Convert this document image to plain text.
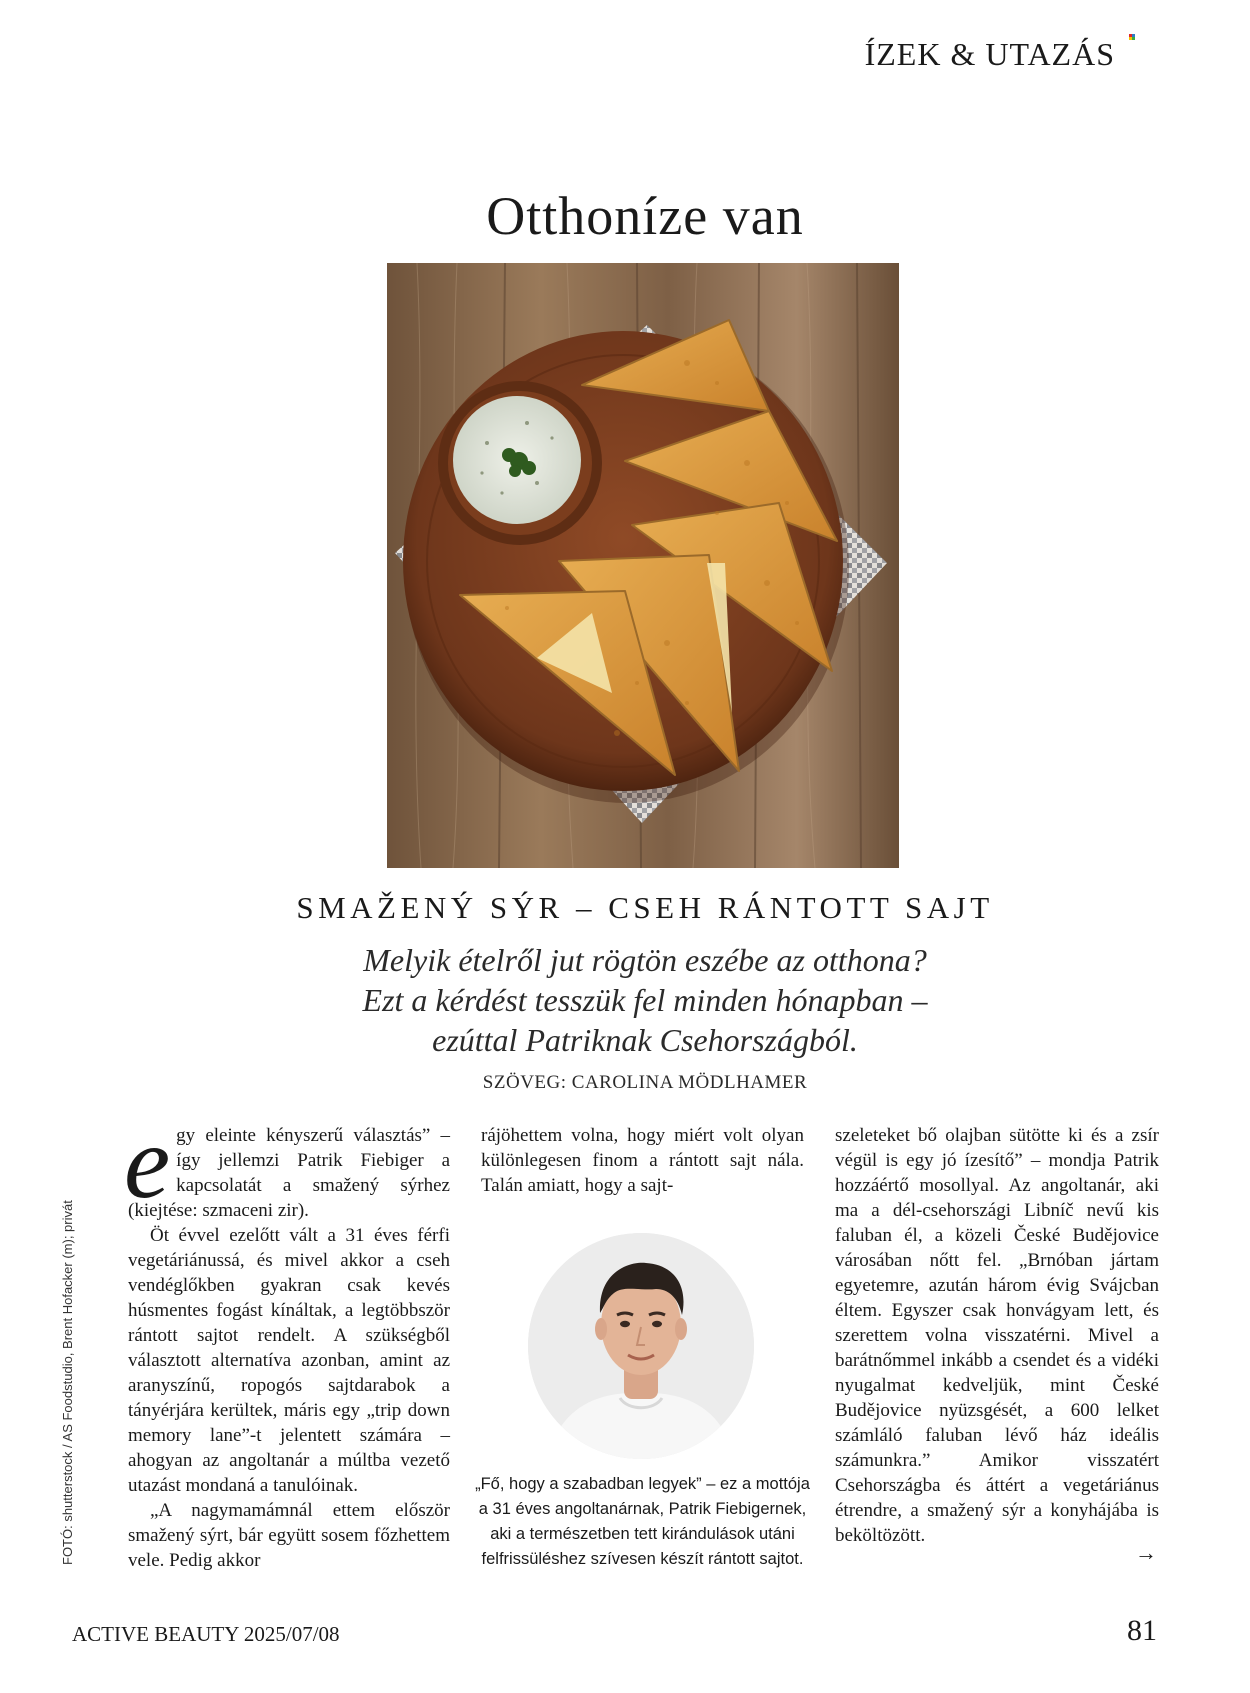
ÍZEK & UTAZÁS
Otthoníze van
SMAŽENÝ SÝR – CSEH RÁNTOTT SAJT
Melyik ételről jut rögtön eszébe az otthona?
Ezt a kérdést tesszük fel minden hónapban –
ezúttal Patriknak Csehországból.
SZÖVEG: CAROLINA MÖDLHAMER
FOTÓ: shutterstock / AS Foodstudio, Brent Hofacker (m); privát

egy eleinte kényszerű választás” – így jellemzi Patrik Fiebiger a kapcsolatát a smažený sýrhez (kiejtése: szmaceni zir).

Öt évvel ezelőtt vált a 31 éves férfi vegetáriánussá, és mivel akkor a cseh vendéglőkben gyakran csak kevés húsmentes fogást kínáltak, a legtöbbször rántott sajtot rendelt. A szükségből választott alternatíva azonban, amint az aranyszínű, ropogós sajtdarabok a tányérjára kerültek, máris egy „trip down memory lane”-t jelentett számára – ahogyan az angoltanár a múltba vezető utazást mondaná a tanulóinak.

„A nagymamámnál ettem először smažený sýrt, bár együtt sosem főzhettem vele. Pedig akkor

rájöhettem volna, hogy miért volt olyan különlegesen finom a rántott sajt nála. Talán amiatt, hogy a sajt-

„Fő, hogy a szabadban legyek” – ez a mottója a 31 éves angoltanárnak, Patrik Fiebigernek, aki a természetben tett kirándulások utáni felfrissüléshez szívesen készít rántott sajtot.

szeleteket bő olajban sütötte ki és a zsír végül is egy jó ízesítő” – mondja Patrik hozzáértő mosollyal. Az angoltanár, aki ma a dél-csehországi Libníč nevű kis faluban él, a közeli České Budějovice városában nőtt fel. „Brnóban jártam egyetemre, azután három évig Svájcban éltem. Egyszer csak honvágyam lett, és szerettem volna visszatérni. Mivel a barátnőmmel inkább a csendet és a vidéki nyugalmat kedveljük, mint České Budějovice nyüzsgését, a 600 lelket számláló faluban lévő ház ideális számunkra.” Amikor visszatért Csehországba és áttért a vegetáriánus étrendre, a smažený sýr a konyhájába is beköltözött.

→
ACTIVE BEAUTY 2025/07/08	81
